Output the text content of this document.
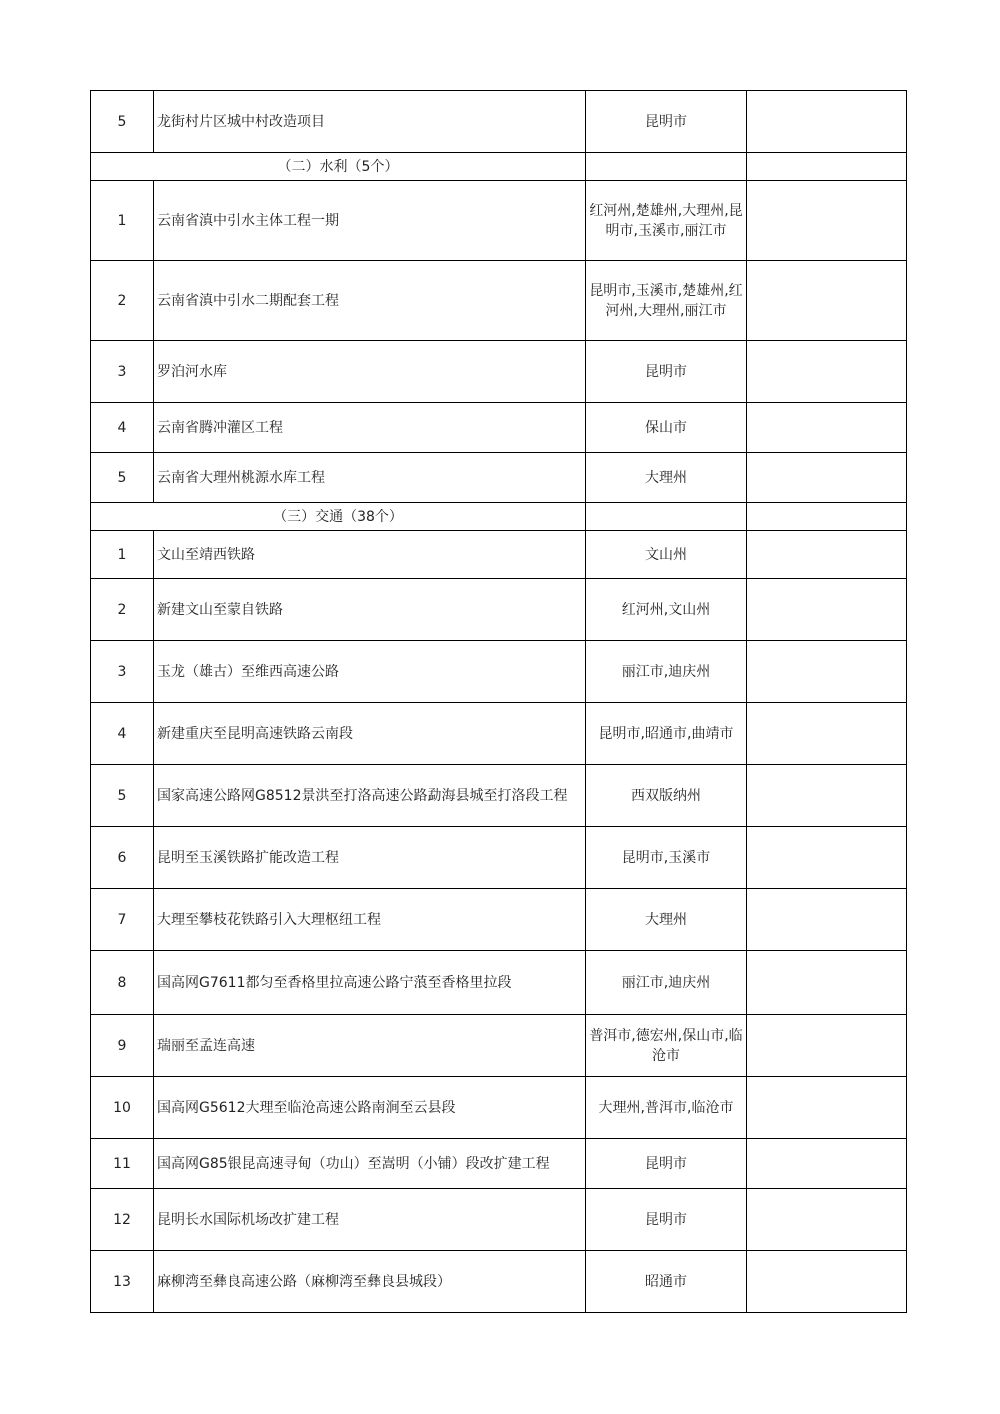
5	龙街村片区城中村改造项目	昆明市	
（二）水利（5个）			
1	云南省滇中引水主体工程一期	红河州,楚雄州,大理州,昆明市,玉溪市,丽江市	
2	云南省滇中引水二期配套工程	昆明市,玉溪市,楚雄州,红河州,大理州,丽江市	
3	罗泊河水库	昆明市	
4	云南省腾冲灌区工程	保山市	
5	云南省大理州桃源水库工程	大理州	
（三）交通（38个）			
1	文山至靖西铁路	文山州	
2	新建文山至蒙自铁路	红河州,文山州	
3	玉龙（雄古）至维西高速公路	丽江市,迪庆州	
4	新建重庆至昆明高速铁路云南段	昆明市,昭通市,曲靖市	
5	国家高速公路网G8512景洪至打洛高速公路勐海县城至打洛段工程	西双版纳州	
6	昆明至玉溪铁路扩能改造工程	昆明市,玉溪市	
7	大理至攀枝花铁路引入大理枢纽工程	大理州	
8	国高网G7611都匀至香格里拉高速公路宁蒗至香格里拉段	丽江市,迪庆州	
9	瑞丽至孟连高速	普洱市,德宏州,保山市,临沧市	
10	国高网G5612大理至临沧高速公路南涧至云县段	大理州,普洱市,临沧市	
11	国高网G85银昆高速寻甸（功山）至嵩明（小铺）段改扩建工程	昆明市	
12	昆明长水国际机场改扩建工程	昆明市	
13	麻柳湾至彝良高速公路（麻柳湾至彝良县城段）	昭通市	
